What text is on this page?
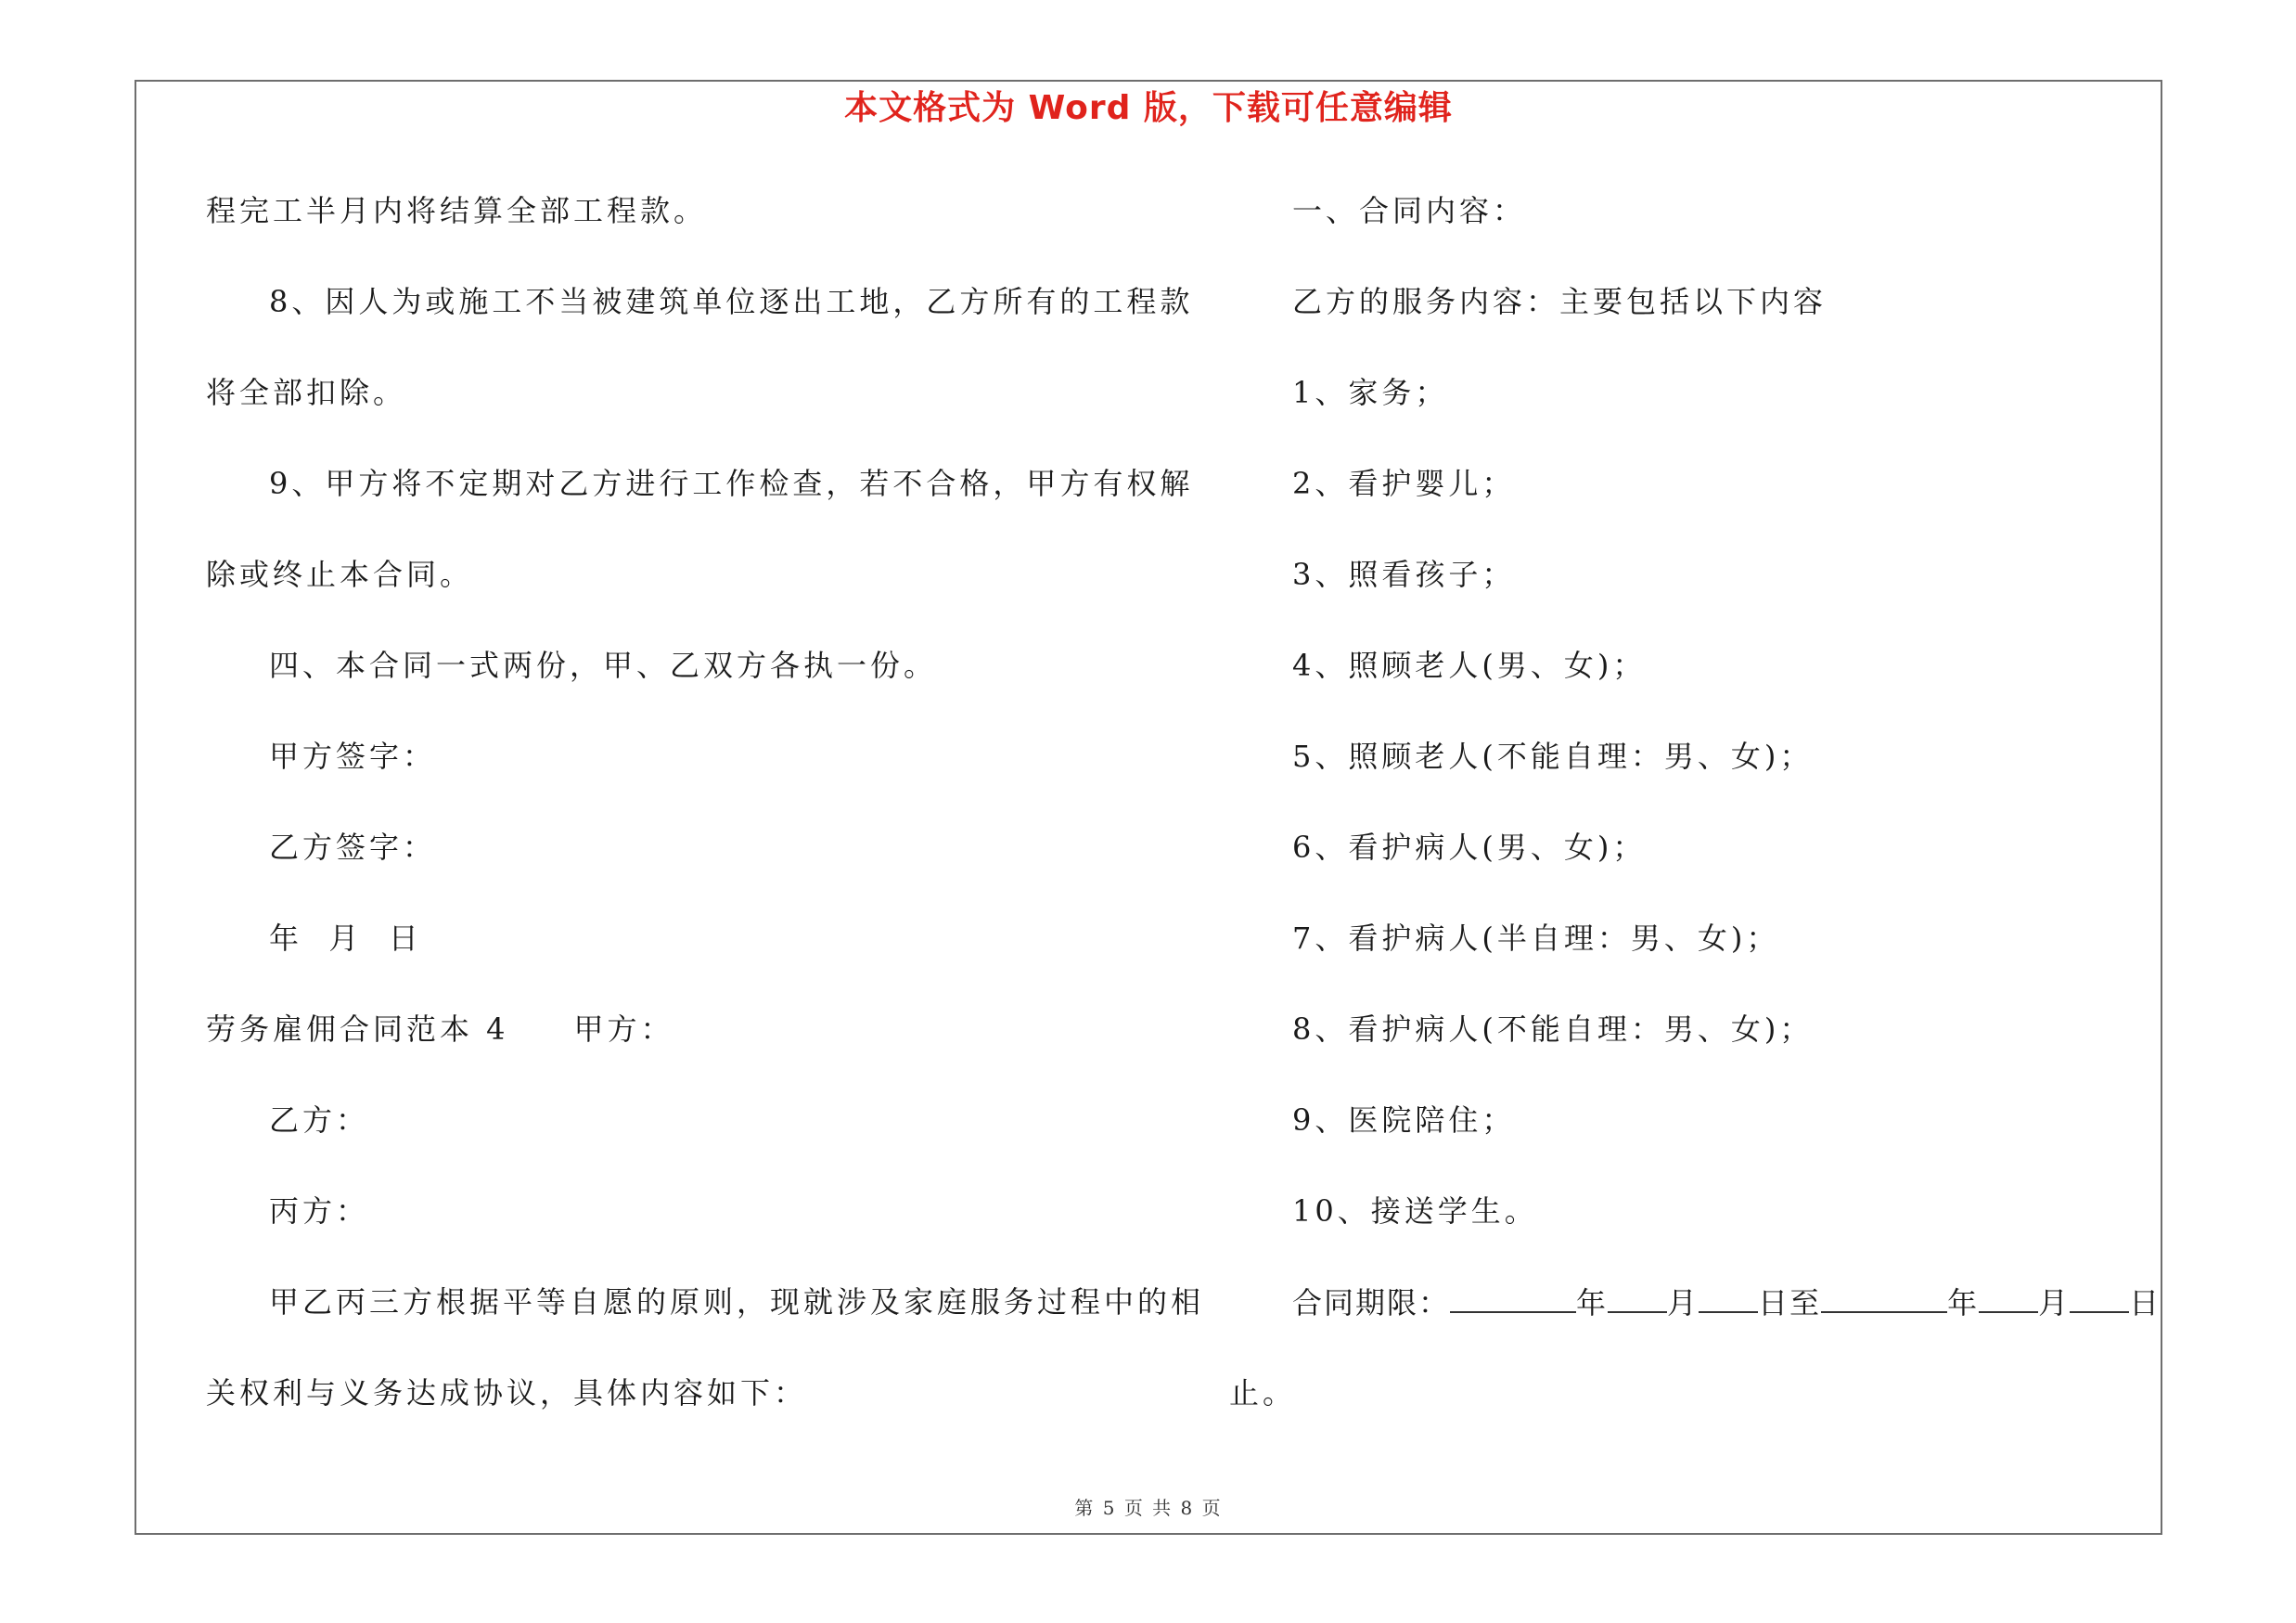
本文格式为 Word 版，下载可任意编辑
程完工半月内将结算全部工程款。
8、因人为或施工不当被建筑单位逐出工地，乙方所有的工程款
将全部扣除。
9、甲方将不定期对乙方进行工作检查，若不合格，甲方有权解
除或终止本合同。
四、本合同一式两份，甲、乙双方各执一份。
甲方签字：
乙方签字：
年  月  日
劳务雇佣合同范本 4 甲方：
乙方：
丙方：
甲乙丙三方根据平等自愿的原则，现就涉及家庭服务过程中的相
关权利与义务达成协议，具体内容如下：
一、合同内容：
乙方的服务内容：主要包括以下内容
1、家务；
2、看护婴儿；
3、照看孩子；
4、照顾老人(男、女)；
5、照顾老人(不能自理：男、女)；
6、看护病人(男、女)；
7、看护病人(半自理：男、女)；
8、看护病人(不能自理：男、女)；
9、医院陪住；
10、接送学生。
合同期限：	年 月 日至	年 月 日
止。
第 5 页 共 8 页
